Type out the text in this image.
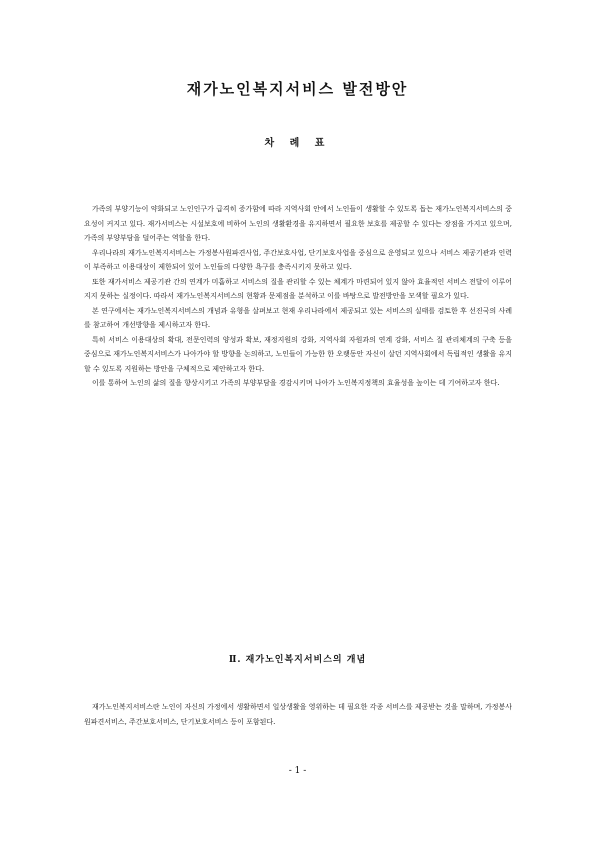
재가노인복지서비스 발전방안
차 례 표

가족의 부양기능이 약화되고 노인인구가 급격히 증가함에 따라 지역사회 안에서 노인들이 생활할 수 있도록 돕는 재가노인복지서비스의 중요성이 커지고 있다. 재가서비스는 시설보호에 비하여 노인의 생활환경을 유지하면서 필요한 보호를 제공할 수 있다는 장점을 가지고 있으며, 가족의 부양부담을 덜어주는 역할을 한다.

우리나라의 재가노인복지서비스는 가정봉사원파견사업, 주간보호사업, 단기보호사업을 중심으로 운영되고 있으나 서비스 제공기관과 인력이 부족하고 이용대상이 제한되어 있어 노인들의 다양한 욕구를 충족시키지 못하고 있다.

또한 재가서비스 제공기관 간의 연계가 미흡하고 서비스의 질을 관리할 수 있는 체계가 마련되어 있지 않아 효율적인 서비스 전달이 이루어지지 못하는 실정이다. 따라서 재가노인복지서비스의 현황과 문제점을 분석하고 이를 바탕으로 발전방안을 모색할 필요가 있다.

본 연구에서는 재가노인복지서비스의 개념과 유형을 살펴보고 현재 우리나라에서 제공되고 있는 서비스의 실태를 검토한 후 선진국의 사례를 참고하여 개선방향을 제시하고자 한다.

특히 서비스 이용대상의 확대, 전문인력의 양성과 확보, 재정지원의 강화, 지역사회 자원과의 연계 강화, 서비스 질 관리체계의 구축 등을 중심으로 재가노인복지서비스가 나아가야 할 방향을 논의하고, 노인들이 가능한 한 오랫동안 자신이 살던 지역사회에서 독립적인 생활을 유지할 수 있도록 지원하는 방안을 구체적으로 제안하고자 한다.

이를 통하여 노인의 삶의 질을 향상시키고 가족의 부양부담을 경감시키며 나아가 노인복지정책의 효율성을 높이는 데 기여하고자 한다.

Ⅱ. 재가노인복지서비스의 개념

재가노인복지서비스란 노인이 자신의 가정에서 생활하면서 일상생활을 영위하는 데 필요한 각종 서비스를 제공받는 것을 말하며, 가정봉사원파견서비스, 주간보호서비스, 단기보호서비스 등이 포함된다.

- 1 -
